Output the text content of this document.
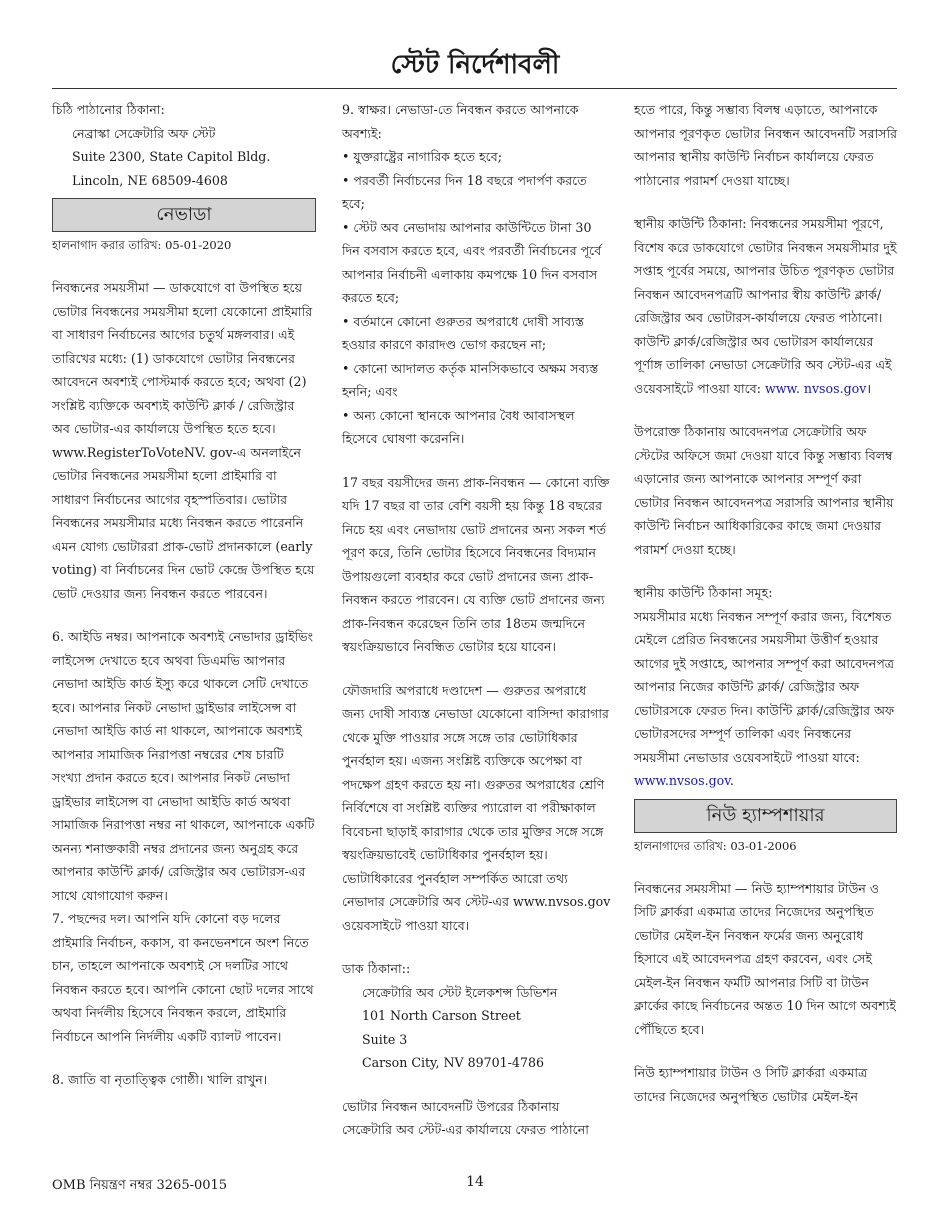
স্টেট নির্দেশাবলী

চিঠি পাঠানোর ঠিকানা:

নেব্রাস্কা সেক্রেটারি অফ স্টেট

Suite 2300, State Capitol Bldg.

Lincoln, NE 68509-4608

নেভাডা

হালনাগাদ করার তারিখ: 05-01-2020

নিবন্ধনের সময়সীমা — ডাকযোগে বা উপস্থিত হয়ে ভোটার নিবন্ধনের সময়সীমা হলো যেকোনো প্রাইমারি বা সাধারণ নির্বাচনের আগের চতুর্থ মঙ্গলবার। এই তারিখের মধ্যে: (1) ডাকযোগে ভোটার নিবন্ধনের আবেদনে অবশ্যই পোস্টমার্ক করতে হবে; অথবা (2) সংশ্লিষ্ট ব্যক্তিকে অবশ্যই কাউন্টি ক্লার্ক / রেজিস্ট্রার অব ভোটার-এর কার্যালয়ে উপস্থিত হতে হবে। www.RegisterToVoteNV. gov-এ অনলাইনে ভোটার নিবন্ধনের সময়সীমা হলো প্রাইমারি বা সাধারণ নির্বাচনের আগের বৃহস্পতিবার। ভোটার নিবন্ধনের সময়সীমার মধ্যে নিবন্ধন করতে পারেননি এমন যোগ্য ভোটাররা প্রাক-ভোট প্রদানকালে (early voting) বা নির্বাচনের দিন ভোট কেন্দ্রে উপস্থিত হয়ে ভোট দেওয়ার জন্য নিবন্ধন করতে পারবেন।

6. আইডি নম্বর। আপনাকে অবশ্যই নেভাদার ড্রাইভিং লাইসেন্স দেখাতে হবে অথবা ডিএমভি আপনার নেভাদা আইডি কার্ড ইস্যু করে থাকলে সেটি দেখাতে হবে। আপনার নিকট নেভাদা ড্রাইভার লাইসেন্স বা নেভাদা আইডি কার্ড না থাকলে, আপনাকে অবশ্যই আপনার সামাজিক নিরাপত্তা নম্বরের শেষ চারটি সংখ্যা প্রদান করতে হবে। আপনার নিকট নেভাদা ড্রাইভার লাইসেন্স বা নেভাদা আইডি কার্ড অথবা সামাজিক নিরাপত্তা নম্বর না থাকলে, আপনাকে একটি অনন্য শনাক্তকারী নম্বর প্রদানের জন্য অনুগ্রহ করে আপনার কাউন্টি ক্লার্ক/ রেজিস্ট্রার অব ভোটারস-এর সাথে যোগাযোগ করুন।

7. পছন্দের দল। আপনি যদি কোনো বড় দলের প্রাইমারি নির্বাচন, ককাস, বা কনভেনশনে অংশ নিতে চান, তাহলে আপনাকে অবশ্যই সে দলটির সাথে নিবন্ধন করতে হবে। আপনি কোনো ছোট দলের সাথে অথবা নির্দলীয় হিসেবে নিবন্ধন করলে, প্রাইমারি নির্বাচনে আপনি নির্দলীয় একটি ব্যালট পাবেন।

8. জাতি বা নৃতাত্ত্বিক গোষ্ঠী। খালি রাখুন।

9. স্বাক্ষর। নেভাডা-তে নিবন্ধন করতে আপনাকে অবশ্যই:

• যুক্তরাষ্ট্রের নাগারিক হতে হবে;

• পরবর্তী নির্বাচনের দিন 18 বছরে পদার্পণ করতে হবে;

• স্টেট অব নেভাদায় আপনার কাউন্টিতে টানা 30 দিন বসবাস করতে হবে, এবং পরবর্তী নির্বাচনের পূর্বে আপনার নির্বাচনী এলাকায় কমপক্ষে 10 দিন বসবাস করতে হবে;

• বর্তমানে কোনো গুরুতর অপরাধে দোষী সাব্যস্ত হওয়ার কারণে কারাদণ্ড ভোগ করছেন না;

• কোনো আদালত কর্তৃক মানসিকভাবে অক্ষম সব্যস্ত হননি; এবং

• অন্য কোনো স্থানকে আপনার বৈধ আবাসস্থল হিসেবে ঘোষণা করেননি।

17 বছর বয়সীদের জন্য প্রাক-নিবন্ধন — কোনো ব্যক্তি যদি 17 বছর বা তার বেশি বয়সী হয় কিন্তু 18 বছরের নিচে হয় এবং নেভাদায় ভোট প্রদানের অন্য সকল শর্ত পূরণ করে, তিনি ভোটার হিসেবে নিবন্ধনের বিদ্যমান উপায়গুলো ব্যবহার করে ভোট প্রদানের জন্য প্রাক-নিবন্ধন করতে পারবেন। যে ব্যক্তি ভোট প্রদানের জন্য প্রাক-নিবন্ধন করেছেন তিনি তার 18তম জন্মদিনে স্বয়ংক্রিয়ভাবে নিবন্ধিত ভোটার হয়ে যাবেন।

ফৌজদারি অপরাধে দণ্ডাদেশ — গুরুতর অপরাধে জন্য দোষী সাব্যস্ত নেভাডা যেকোনো বাসিন্দা কারাগার থেকে মুক্তি পাওয়ার সঙ্গে সঙ্গে তার ভোটাধিকার পুনর্বহাল হয়। এজন্য সংশ্লিষ্ট ব্যক্তিকে অপেক্ষা বা পদক্ষেপ গ্রহণ করতে হয় না। গুরুতর অপরাধের শ্রেণি নির্বিশেষে বা সংশ্লিষ্ট ব্যক্তির প্যারোল বা পরীক্ষাকাল বিবেচনা ছাড়াই কারাগার থেকে তার মুক্তির সঙ্গে সঙ্গে স্বয়ংক্রিয়ভাবেই ভোটাধিকার পুনর্বহাল হয়। ভোটাধিকারের পুনর্বহাল সম্পর্কিত আরো তথ্য নেভাদার সেক্রেটারি অব স্টেট-এর www.nvsos.gov ওয়েবসাইটে পাওয়া যাবে।

ডাক ঠিকানা::

সেক্রেটারি অব স্টেট ইলেকশন্স ডিভিশন

101 North Carson Street

Suite 3

Carson City, NV 89701-4786

ভোটার নিবন্ধন আবেদনটি উপরের ঠিকানায় সেক্রেটারি অব স্টেট-এর কার্যালয়ে ফেরত পাঠানো

হতে পারে, কিন্তু সম্ভাব্য বিলম্ব এড়াতে, আপনাকে আপনার পূরণকৃত ভোটার নিবন্ধন আবেদনটি সরাসরি আপনার স্থানীয় কাউন্টি নির্বাচন কার্যালয়ে ফেরত পাঠানোর পরামর্শ দেওয়া যাচ্ছে।

স্থানীয় কাউন্টি ঠিকানা: নিবন্ধনের সময়সীমা পূরণে, বিশেষ করে ডাকযোগে ভোটার নিবন্ধন সময়সীমার দুই সপ্তাহ পূর্বের সময়ে, আপনার উচিত পূরণকৃত ভোটার নিবন্ধন আবেদনপত্রটি আপনার স্বীয় কাউন্টি ক্লার্ক/রেজিস্ট্রার অব ভোটারস-কার্যালয়ে ফেরত পাঠানো। কাউন্টি ক্লার্ক/রেজিস্ট্রার অব ভোটারস কার্যালয়ের পূর্ণাঙ্গ তালিকা নেভাডা সেক্রেটারি অব স্টেট-এর এই ওয়েবসাইটে পাওয়া যাবে: www. nvsos.gov।

উপরোক্ত ঠিকানায় আবেদনপত্র সেক্রেটারি অফ স্টেটের অফিসে জমা দেওয়া যাবে কিন্তু সম্ভাব্য বিলম্ব এড়ানোর জন্য আপনাকে আপনার সম্পূর্ণ করা ভোটার নিবন্ধন আবেদনপত্র সরাসরি আপনার স্থানীয় কাউন্টি নির্বাচন আধিকারিকের কাছে জমা দেওয়ার পরামর্শ দেওয়া হচ্ছে।

স্থানীয় কাউন্টি ঠিকানা সমূহ:

সময়সীমার মধ্যে নিবন্ধন সম্পূর্ণ করার জন্য, বিশেষত মেইলে প্রেরিত নিবন্ধনের সময়সীমা উত্তীর্ণ হওয়ার আগের দুই সপ্তাহে, আপনার সম্পূর্ণ করা আবেদনপত্র আপনার নিজের কাউন্টি ক্লার্ক/ রেজিস্ট্রার অফ ভোটারসকে ফেরত দিন। কাউন্টি ক্লার্ক/রেজিস্ট্রার অফ ভোটারসদের সম্পূর্ণ তালিকা এবং নিবন্ধনের সময়সীমা নেভাডার ওয়েবসাইটে পাওয়া যাবে: www.nvsos.gov.

নিউ হ্যাম্পশায়ার

হালনাগাদের তারিখ: 03-01-2006

নিবন্ধনের সময়সীমা — নিউ হ্যাম্পশায়ার টাউন ও সিটি ক্লার্করা একমাত্র তাদের নিজেদের অনুপস্থিত ভোটার মেইল-ইন নিবন্ধন ফর্মের জন্য অনুরোধ হিসাবে এই আবেদনপত্র গ্রহণ করবেন, এবং সেই মেইল-ইন নিবন্ধন ফর্মটি আপনার সিটি বা টাউন ক্লার্কের কাছে নির্বাচনের অন্তত 10 দিন আগে অবশ্যই পৌঁছিতে হবে।

নিউ হ্যাম্পশায়ার টাউন ও সিটি ক্লার্করা একমাত্র তাদের নিজেদের অনুপস্থিত ভোটার মেইল-ইন

OMB নিয়ন্ত্রণ নম্বর 3265-0015	14
